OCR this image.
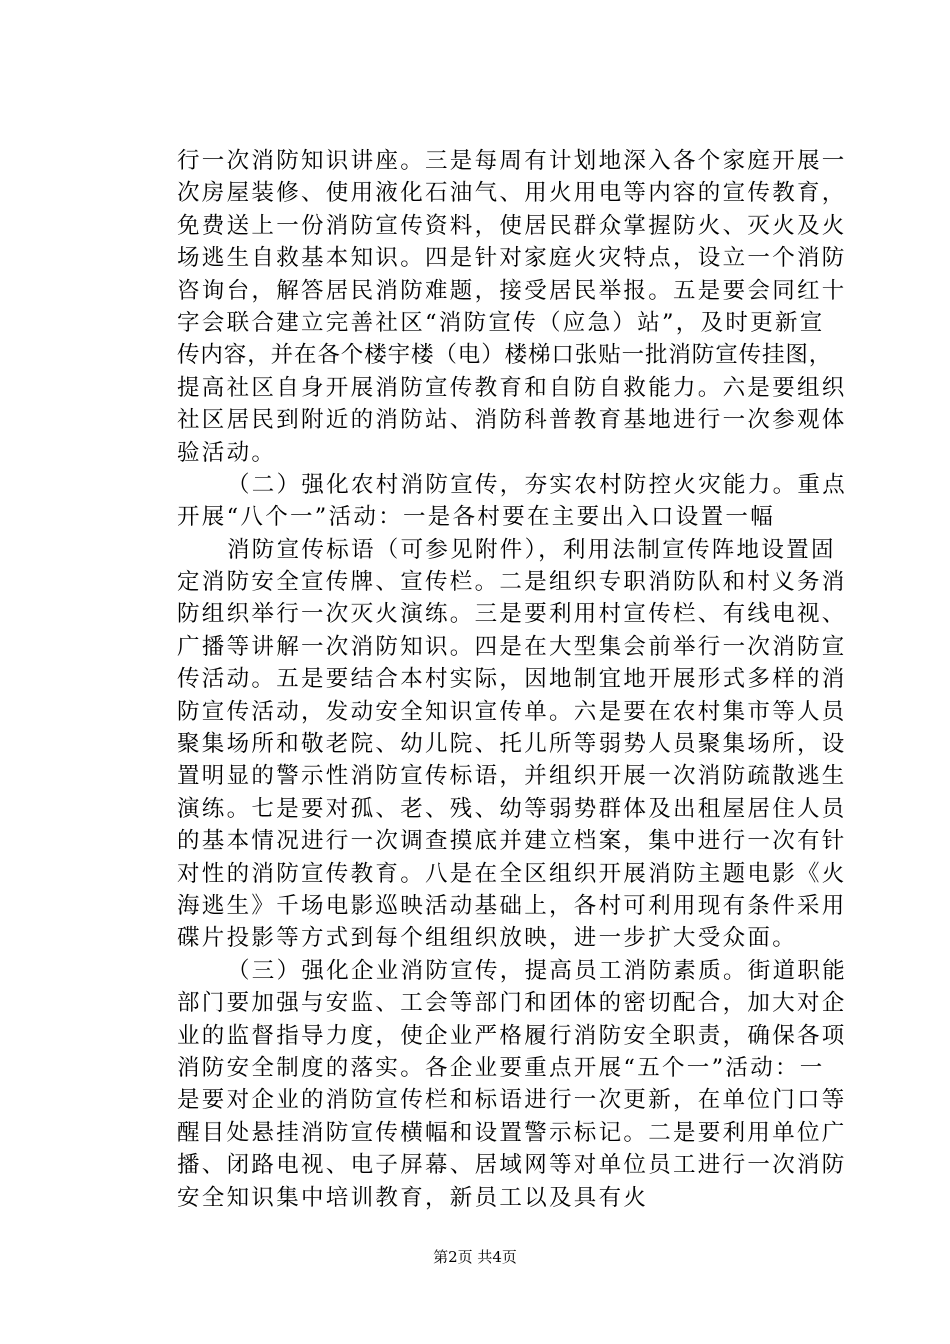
行一次消防知识讲座。三是每周有计划地深入各个家庭开展一
次房屋装修、使用液化石油气、用火用电等内容的宣传教育，
免费送上一份消防宣传资料，使居民群众掌握防火、灭火及火
场逃生自救基本知识。四是针对家庭火灾特点，设立一个消防
咨询台，解答居民消防难题，接受居民举报。五是要会同红十
字会联合建立完善社区“消防宣传（应急）站”，及时更新宣
传内容，并在各个楼宇楼（电）楼梯口张贴一批消防宣传挂图，
提高社区自身开展消防宣传教育和自防自救能力。六是要组织
社区居民到附近的消防站、消防科普教育基地进行一次参观体
验活动。
（二）强化农村消防宣传，夯实农村防控火灾能力。重点
开展“八个一”活动：一是各村要在主要出入口设置一幅
消防宣传标语（可参见附件），利用法制宣传阵地设置固
定消防安全宣传牌、宣传栏。二是组织专职消防队和村义务消
防组织举行一次灭火演练。三是要利用村宣传栏、有线电视、
广播等讲解一次消防知识。四是在大型集会前举行一次消防宣
传活动。五是要结合本村实际，因地制宜地开展形式多样的消
防宣传活动，发动安全知识宣传单。六是要在农村集市等人员
聚集场所和敬老院、幼儿院、托儿所等弱势人员聚集场所，设
置明显的警示性消防宣传标语，并组织开展一次消防疏散逃生
演练。七是要对孤、老、残、幼等弱势群体及出租屋居住人员
的基本情况进行一次调查摸底并建立档案，集中进行一次有针
对性的消防宣传教育。八是在全区组织开展消防主题电影《火
海逃生》千场电影巡映活动基础上，各村可利用现有条件采用
碟片投影等方式到每个组组织放映，进一步扩大受众面。
（三）强化企业消防宣传，提高员工消防素质。街道职能
部门要加强与安监、工会等部门和团体的密切配合，加大对企
业的监督指导力度，使企业严格履行消防安全职责，确保各项
消防安全制度的落实。各企业要重点开展“五个一”活动：一
是要对企业的消防宣传栏和标语进行一次更新，在单位门口等
醒目处悬挂消防宣传横幅和设置警示标记。二是要利用单位广
播、闭路电视、电子屏幕、居域网等对单位员工进行一次消防
安全知识集中培训教育，新员工以及具有火
第2页 共4页
